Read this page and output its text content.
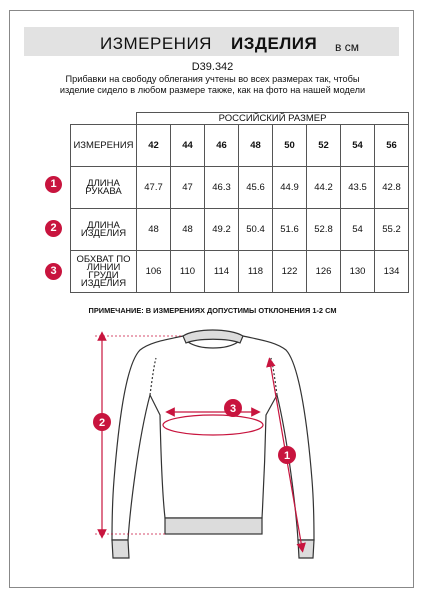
ИЗМЕРЕНИЯ ИЗДЕЛИЯ в см
D39.342
Прибавки на свободу облегания учтены во всех размерах так, чтобы изделие сидело в любом размере также, как на фото на нашей модели
	РОССИЙСКИЙ РАЗМЕР							
ИЗМЕРЕНИЯ	42	44	46	48	50	52	54	56
ДЛИНА РУКАВА	47.7	47	46.3	45.6	44.9	44.2	43.5	42.8
ДЛИНА ИЗДЕЛИЯ	48	48	49.2	50.4	51.6	52.8	54	55.2
ОБХВАТ ПО ЛИНИИ ГРУДИ ИЗДЕЛИЯ	106	110	114	118	122	126	130	134
1
2
3
ПРИМЕЧАНИЕ: В ИЗМЕРЕНИЯХ ДОПУСТИМЫ ОТКЛОНЕНИЯ 1-2 СМ
2
3
1
